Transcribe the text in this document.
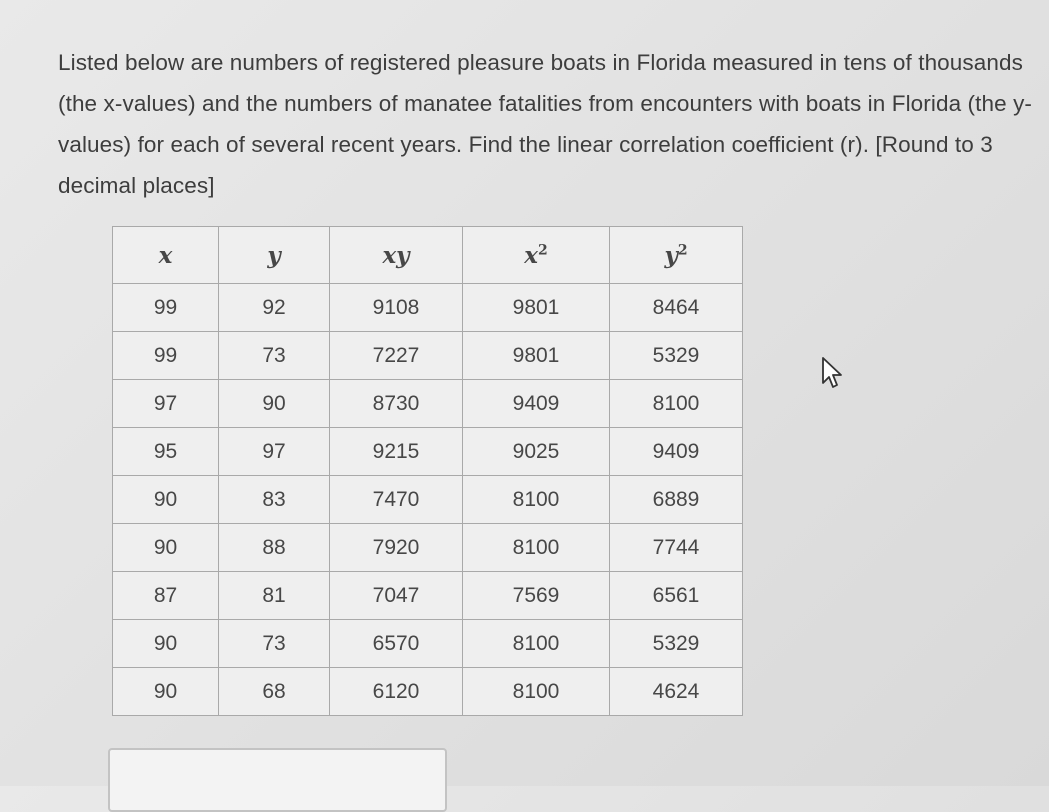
Listed below are numbers of registered pleasure boats in Florida measured in tens of thousands (the x-values) and the numbers of manatee fatalities from encounters with boats in Florida (the y-values) for each of several recent years. Find the linear correlation coefficient (r). [Round to 3 decimal places]
x	y	xy	$x^2$	$y^2$
99	92	9108	9801	8464
99	73	7227	9801	5329
97	90	8730	9409	8100
95	97	9215	9025	9409
90	83	7470	8100	6889
90	88	7920	8100	7744
87	81	7047	7569	6561
90	73	6570	8100	5329
90	68	6120	8100	4624
